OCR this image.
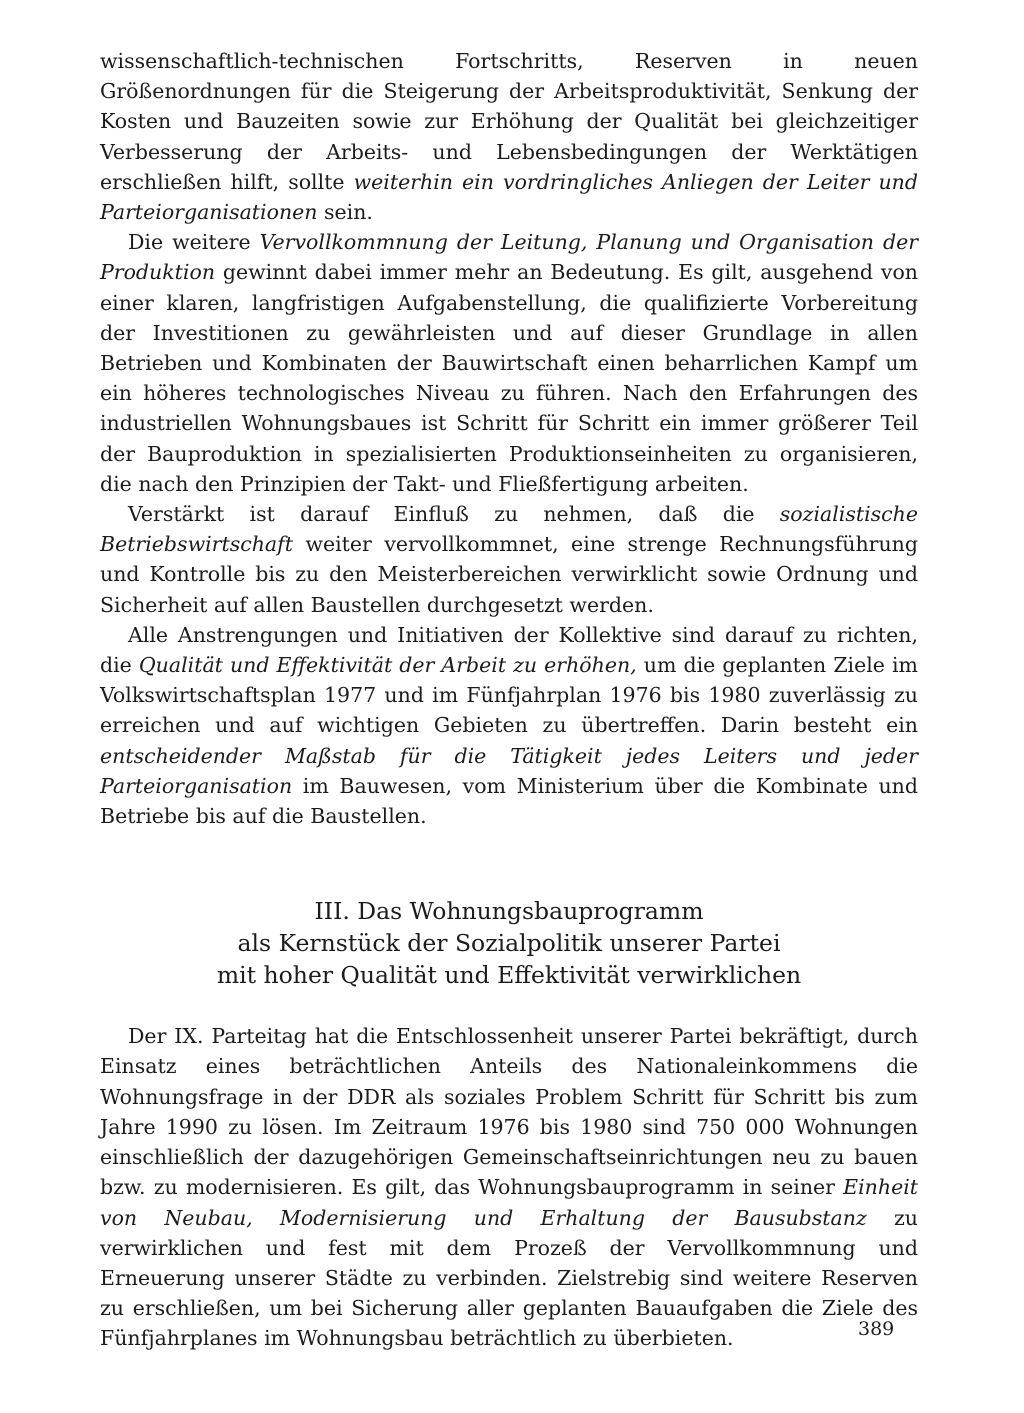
wissenschaftlich-technischen Fortschritts, Reserven in neuen Größenordnungen für die Steigerung der Arbeitsproduktivität, Senkung der Kosten und Bauzeiten sowie zur Erhöhung der Qualität bei gleichzeitiger Verbesserung der Arbeits- und Lebensbedingungen der Werktätigen erschließen hilft, sollte weiterhin ein vordringliches Anliegen der Leiter und Parteiorganisationen sein.

Die weitere Vervollkommnung der Leitung, Planung und Organisation der Produktion gewinnt dabei immer mehr an Bedeutung. Es gilt, ausgehend von einer klaren, langfristigen Aufgabenstellung, die qualifizierte Vorbereitung der Investitionen zu gewährleisten und auf dieser Grundlage in allen Betrieben und Kombinaten der Bauwirtschaft einen beharrlichen Kampf um ein höheres technologisches Niveau zu führen. Nach den Erfahrungen des industriellen Wohnungsbaues ist Schritt für Schritt ein immer größerer Teil der Bauproduktion in spezialisierten Produktionseinheiten zu organisieren, die nach den Prinzipien der Takt- und Fließfertigung arbeiten.

Verstärkt ist darauf Einfluß zu nehmen, daß die sozialistische Betriebswirtschaft weiter vervollkommnet, eine strenge Rechnungsführung und Kontrolle bis zu den Meisterbereichen verwirklicht sowie Ordnung und Sicherheit auf allen Baustellen durchgesetzt werden.

Alle Anstrengungen und Initiativen der Kollektive sind darauf zu richten, die Qualität und Effektivität der Arbeit zu erhöhen, um die geplanten Ziele im Volkswirtschaftsplan 1977 und im Fünfjahrplan 1976 bis 1980 zuverlässig zu erreichen und auf wichtigen Gebieten zu übertreffen. Darin besteht ein entscheidender Maßstab für die Tätigkeit jedes Leiters und jeder Parteiorganisation im Bauwesen, vom Ministerium über die Kombinate und Betriebe bis auf die Baustellen.

III. Das Wohnungsbauprogramm
als Kernstück der Sozialpolitik unserer Partei
mit hoher Qualität und Effektivität verwirklichen

Der IX. Parteitag hat die Entschlossenheit unserer Partei bekräftigt, durch Einsatz eines beträchtlichen Anteils des Nationaleinkommens die Wohnungsfrage in der DDR als soziales Problem Schritt für Schritt bis zum Jahre 1990 zu lösen. Im Zeitraum 1976 bis 1980 sind 750 000 Wohnungen einschließlich der dazugehörigen Gemeinschaftseinrichtungen neu zu bauen bzw. zu modernisieren. Es gilt, das Wohnungsbauprogramm in seiner Einheit von Neubau, Modernisierung und Erhaltung der Bausubstanz zu verwirklichen und fest mit dem Prozeß der Vervollkommnung und Erneuerung unserer Städte zu verbinden. Zielstrebig sind weitere Reserven zu erschließen, um bei Sicherung aller geplanten Bauaufgaben die Ziele des Fünfjahrplanes im Wohnungsbau beträchtlich zu überbieten.	389
